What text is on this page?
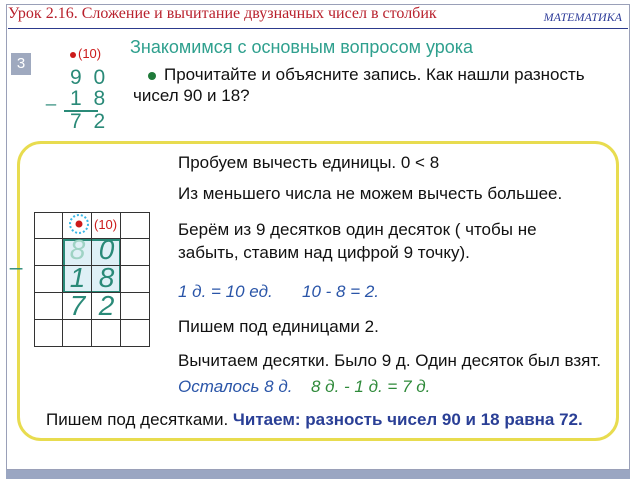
Урок 2.16. Сложение и вычитание двузначных чисел в столбик	МАТЕМАТИКА
3
(10) Знакомимся с основным вопросом урока
_
9 0
1 8
7 2
Прочитайте и объясните запись. Как нашли разность
чисел 90 и 18?
(10)
_ 8 0
1 8
7 2
Пробуем вычесть единицы. 0 < 8
Из меньшего числа не можем вычесть большее.
Берём из 9 десятков один десяток ( чтобы не
забыть, ставим над цифрой 9 точку).
1 д. = 10 ед. 10 - 8 = 2.
Пишем под единицами 2.
Вычитаем десятки. Было 9 д. Один десяток был взят.
Осталось 8 д. 8 д. - 1 д. = 7 д.
Пишем под десятками. Читаем: разность чисел 90 и 18 равна 72.
